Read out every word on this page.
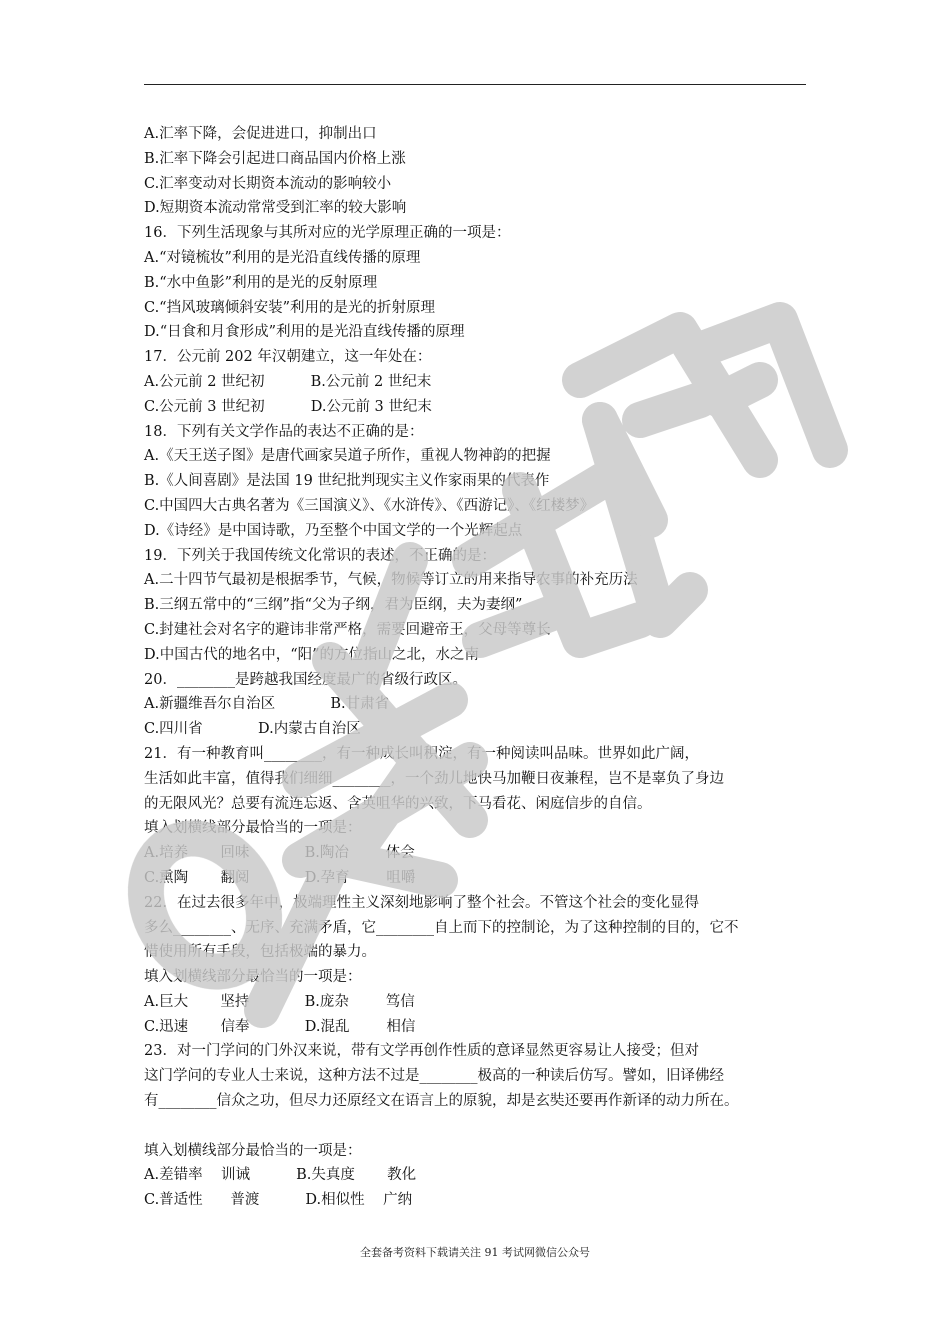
A.汇率下降，会促进进口，抑制出口
B.汇率下降会引起进口商品国内价格上涨
C.汇率变动对长期资本流动的影响较小
D.短期资本流动常常受到汇率的较大影响
16．下列生活现象与其所对应的光学原理正确的一项是：
A.“对镜梳妆”利用的是光沿直线传播的原理
B.“水中鱼影”利用的是光的反射原理
C.“挡风玻璃倾斜安装”利用的是光的折射原理
D.“日食和月食形成”利用的是光沿直线传播的原理
17．公元前 202 年汉朝建立，这一年处在：
A.公元前 2 世纪初          B.公元前 2 世纪末
C.公元前 3 世纪初          D.公元前 3 世纪末
18．下列有关文学作品的表达不正确的是：
A.《天王送子图》是唐代画家吴道子所作，重视人物神韵的把握
B.《人间喜剧》是法国 19 世纪批判现实主义作家雨果的代表作
C.中国四大古典名著为《三国演义》、《水浒传》、《西游记》、《红楼梦》
D.《诗经》是中国诗歌，乃至整个中国文学的一个光辉起点
19．下列关于我国传统文化常识的表述，不正确的是：
A.二十四节气最初是根据季节，气候，物候等订立的用来指导农事的补充历法
B.三纲五常中的“三纲”指“父为子纲，君为臣纲，夫为妻纲”
C.封建社会对名字的避讳非常严格，需要回避帝王，父母等尊长
D.中国古代的地名中，“阳”的方位指山之北，水之南
20．________是跨越我国经度最广的省级行政区。
A.新疆维吾尔自治区            B.甘肃省
C.四川省            D.内蒙古自治区
21．有一种教育叫________，有一种成长叫积淀，有一种阅读叫品味。世界如此广阔，
生活如此丰富，值得我们细细________，一个劲儿地快马加鞭日夜兼程，岂不是辜负了身边
的无限风光？总要有流连忘返、含英咀华的兴致，下马看花、闲庭信步的自信。
填入划横线部分最恰当的一项是：
A.培养       回味            B.陶冶        体会
C.熏陶       翻阅            D.孕育        咀嚼
22．在过去很多年中，极端理性主义深刻地影响了整个社会。不管这个社会的变化显得
多么________、无序、充满矛盾，它________自上而下的控制论，为了这种控制的目的，它不
惜使用所有手段，包括极端的暴力。
填入划横线部分最恰当的一项是：
A.巨大       坚持            B.庞杂        笃信
C.迅速       信奉            D.混乱        相信
23．对一门学问的门外汉来说，带有文学再创作性质的意译显然更容易让人接受；但对
这门学问的专业人士来说，这种方法不过是________极高的一种读后仿写。譬如，旧译佛经
有________信众之功，但尽力还原经文在语言上的原貌，却是玄奘还要再作新译的动力所在。
填入划横线部分最恰当的一项是：
A.差错率    训诫          B.失真度       教化
C.普适性      普渡          D.相似性    广纳
全套备考资料下载请关注 91 考试网微信公众号
